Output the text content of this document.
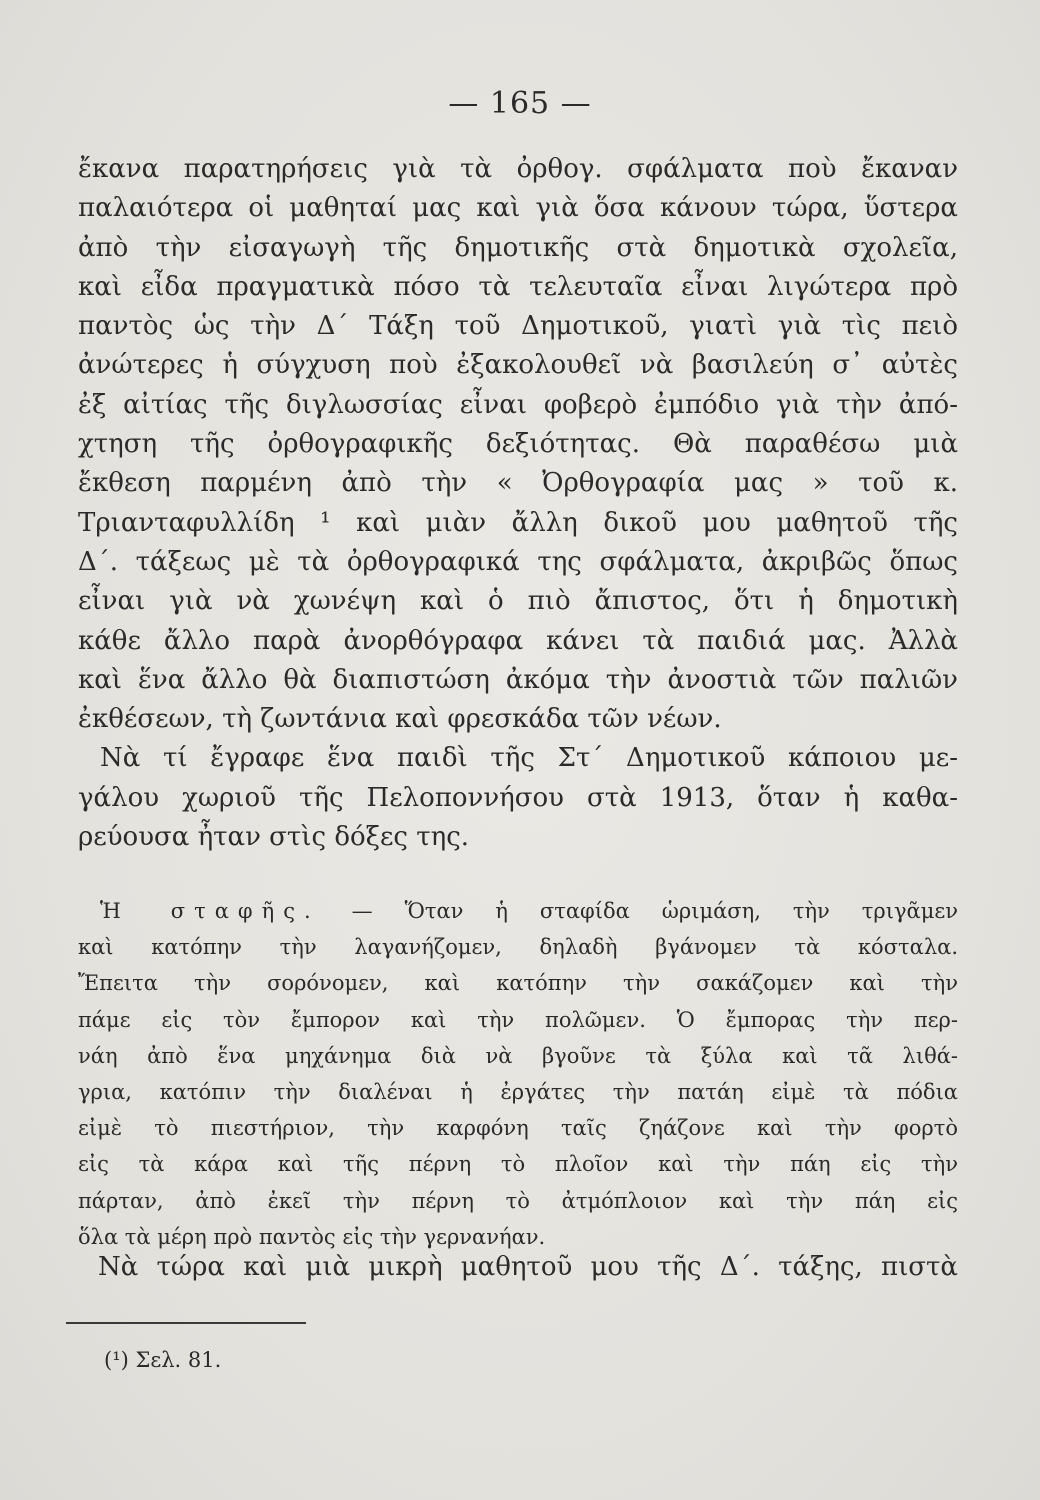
— 165 —
ἔκανα παρατηρήσεις γιὰ τὰ ὀρθογ. σφάλματα ποὺ ἔκαναν
παλαιότερα οἱ μαθηταί μας καὶ γιὰ ὅσα κάνουν τώρα, ὕστερα
ἀπὸ τὴν εἰσαγωγὴ τῆς δημοτικῆς στὰ δημοτικὰ σχολεῖα,
καὶ εἶδα πραγματικὰ πόσο τὰ τελευταῖα εἶναι λιγώτερα πρὸ
παντὸς ὡς τὴν Δ΄ Τάξη τοῦ Δημοτικοῦ, γιατὶ γιὰ τὶς πειὸ
ἀνώτερες ἡ σύγχυση ποὺ ἐξακολουθεῖ νὰ βασιλεύη σ᾽ αὐτὲς
ἐξ αἰτίας τῆς διγλωσσίας εἶναι φοβερὸ ἐμπόδιο γιὰ τὴν ἀπό-
χτηση τῆς ὀρθογραφικῆς δεξιότητας. Θὰ παραθέσω μιὰ
ἔκθεση παρμένη ἀπὸ τὴν « Ὀρθογραφία μας » τοῦ κ.
Τριανταφυλλίδη ¹ καὶ μιὰν ἄλλη δικοῦ μου μαθητοῦ τῆς
Δ΄. τάξεως μὲ τὰ ὀρθογραφικά της σφάλματα, ἀκριβῶς ὅπως
εἶναι γιὰ νὰ χωνέψη καὶ ὁ πιὸ ἄπιστος, ὅτι ἡ δημοτικὴ
κάθε ἄλλο παρὰ ἀνορθόγραφα κάνει τὰ παιδιά μας. Ἀλλὰ
καὶ ἕνα ἄλλο θὰ διαπιστώση ἀκόμα τὴν ἀνοστιὰ τῶν παλιῶν
ἐκθέσεων, τὴ ζωντάνια καὶ φρεσκάδα τῶν νέων.
Νὰ τί ἔγραφε ἕνα παιδὶ τῆς Στ΄ Δημοτικοῦ κάποιου με-
γάλου χωριοῦ τῆς Πελοποννήσου στὰ 1913, ὅταν ἡ καθα-
ρεύουσα ἦταν στὶς δόξες της.
Ἡ σταφῆς. — Ὅταν ἡ σταφίδα ὡριμάση, τὴν τριγᾶμεν
καὶ κατόπην τὴν λαγανήζομεν, δηλαδὴ βγάνομεν τὰ κόσταλα.
Ἔπειτα τὴν σορόνομεν, καὶ κατόπην τὴν σακάζομεν καὶ τὴν
πάμε εἰς τὸν ἔμπορον καὶ τὴν πολῶμεν. Ὁ ἔμπορας τὴν περ-
νάη ἀπὸ ἕνα μηχάνημα διὰ νὰ βγοῦνε τὰ ξύλα καὶ τᾶ λιθά-
γρια, κατόπιν τὴν διαλέναι ἡ ἐργάτες τὴν πατάη εἰμὲ τὰ πόδια
εἰμὲ τὸ πιεστήριον, τὴν καρφόνη ταῖς ζηάζονε καὶ τὴν φορτὸ
εἰς τὰ κάρα καὶ τῆς πέρνη τὸ πλοῖον καὶ τὴν πάη εἰς τὴν
πάρταν, ἀπὸ ἐκεῖ τὴν πέρνη τὸ ἀτμόπλοιον καὶ τὴν πάη εἰς
ὅλα τὰ μέρη πρὸ παντὸς εἰς τὴν γερνανήαν.
Νὰ τώρα καὶ μιὰ μικρὴ μαθητοῦ μου τῆς Δ΄. τάξης, πιστὰ
(¹) Σελ. 81.
